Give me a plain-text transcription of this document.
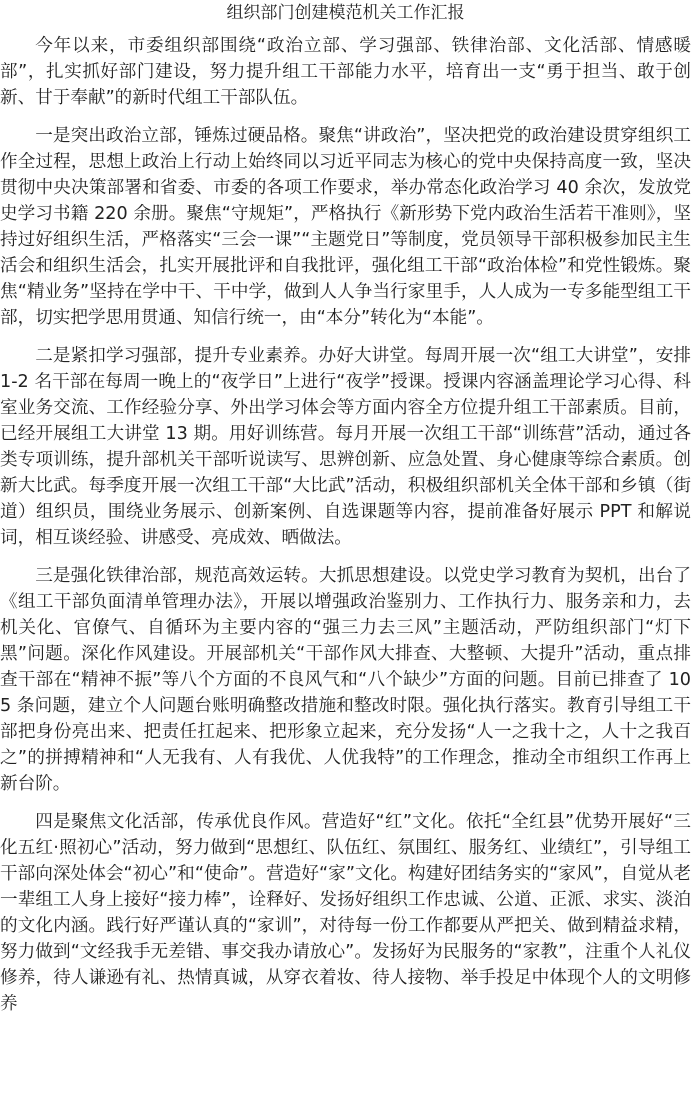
组织部门创建模范机关工作汇报

今年以来，市委组织部围绕“政治立部、学习强部、铁律治部、文化活部、情感暖部”，扎实抓好部门建设，努力提升组工干部能力水平，培育出一支“勇于担当、敢于创新、甘于奉献”的新时代组工干部队伍。

一是突出政治立部，锤炼过硬品格。聚焦“讲政治”，坚决把党的政治建设贯穿组织工作全过程，思想上政治上行动上始终同以习近平同志为核心的党中央保持高度一致，坚决贯彻中央决策部署和省委、市委的各项工作要求，举办常态化政治学习 40 余次，发放党史学习书籍 220 余册。聚焦“守规矩”，严格执行《新形势下党内政治生活若干准则》，坚持过好组织生活，严格落实“三会一课”“主题党日”等制度，党员领导干部积极参加民主生活会和组织生活会，扎实开展批评和自我批评，强化组工干部“政治体检”和党性锻炼。聚焦“精业务”坚持在学中干、干中学，做到人人争当行家里手，人人成为一专多能型组工干部，切实把学思用贯通、知信行统一，由“本分”转化为“本能”。

二是紧扣学习强部，提升专业素养。办好大讲堂。每周开展一次“组工大讲堂”，安排 1-2 名干部在每周一晚上的“夜学日”上进行“夜学”授课。授课内容涵盖理论学习心得、科室业务交流、工作经验分享、外出学习体会等方面内容全方位提升组工干部素质。目前，已经开展组工大讲堂 13 期。用好训练营。每月开展一次组工干部“训练营”活动，通过各类专项训练，提升部机关干部听说读写、思辨创新、应急处置、身心健康等综合素质。创新大比武。每季度开展一次组工干部“大比武”活动，积极组织部机关全体干部和乡镇（街道）组织员，围绕业务展示、创新案例、自选课题等内容，提前准备好展示 PPT 和解说词，相互谈经验、讲感受、亮成效、晒做法。

三是强化铁律治部，规范高效运转。大抓思想建设。以党史学习教育为契机，出台了《组工干部负面清单管理办法》，开展以增强政治鉴别力、工作执行力、服务亲和力，去机关化、官僚气、自循环为主要内容的“强三力去三风”主题活动，严防组织部门“灯下黑”问题。深化作风建设。开展部机关“干部作风大排查、大整顿、大提升”活动，重点排查干部在“精神不振”等八个方面的不良风气和“八个缺少”方面的问题。目前已排查了 105 条问题，建立个人问题台账明确整改措施和整改时限。强化执行落实。教育引导组工干部把身份亮出来、把责任扛起来、把形象立起来，充分发扬“人一之我十之，人十之我百之”的拼搏精神和“人无我有、人有我优、人优我特”的工作理念，推动全市组织工作再上新台阶。

四是聚焦文化活部，传承优良作风。营造好“红”文化。依托“全红县”优势开展好“三化五红·照初心”活动，努力做到“思想红、队伍红、氛围红、服务红、业绩红”，引导组工干部向深处体会“初心”和“使命”。营造好“家”文化。构建好团结务实的“家风”，自觉从老一辈组工人身上接好“接力棒”，诠释好、发扬好组织工作忠诚、公道、正派、求实、淡泊的文化内涵。践行好严谨认真的“家训”，对待每一份工作都要从严把关、做到精益求精，努力做到“文经我手无差错、事交我办请放心”。发扬好为民服务的“家教”，注重个人礼仪修养，待人谦逊有礼、热情真诚，从穿衣着妆、待人接物、举手投足中体现个人的文明修养
